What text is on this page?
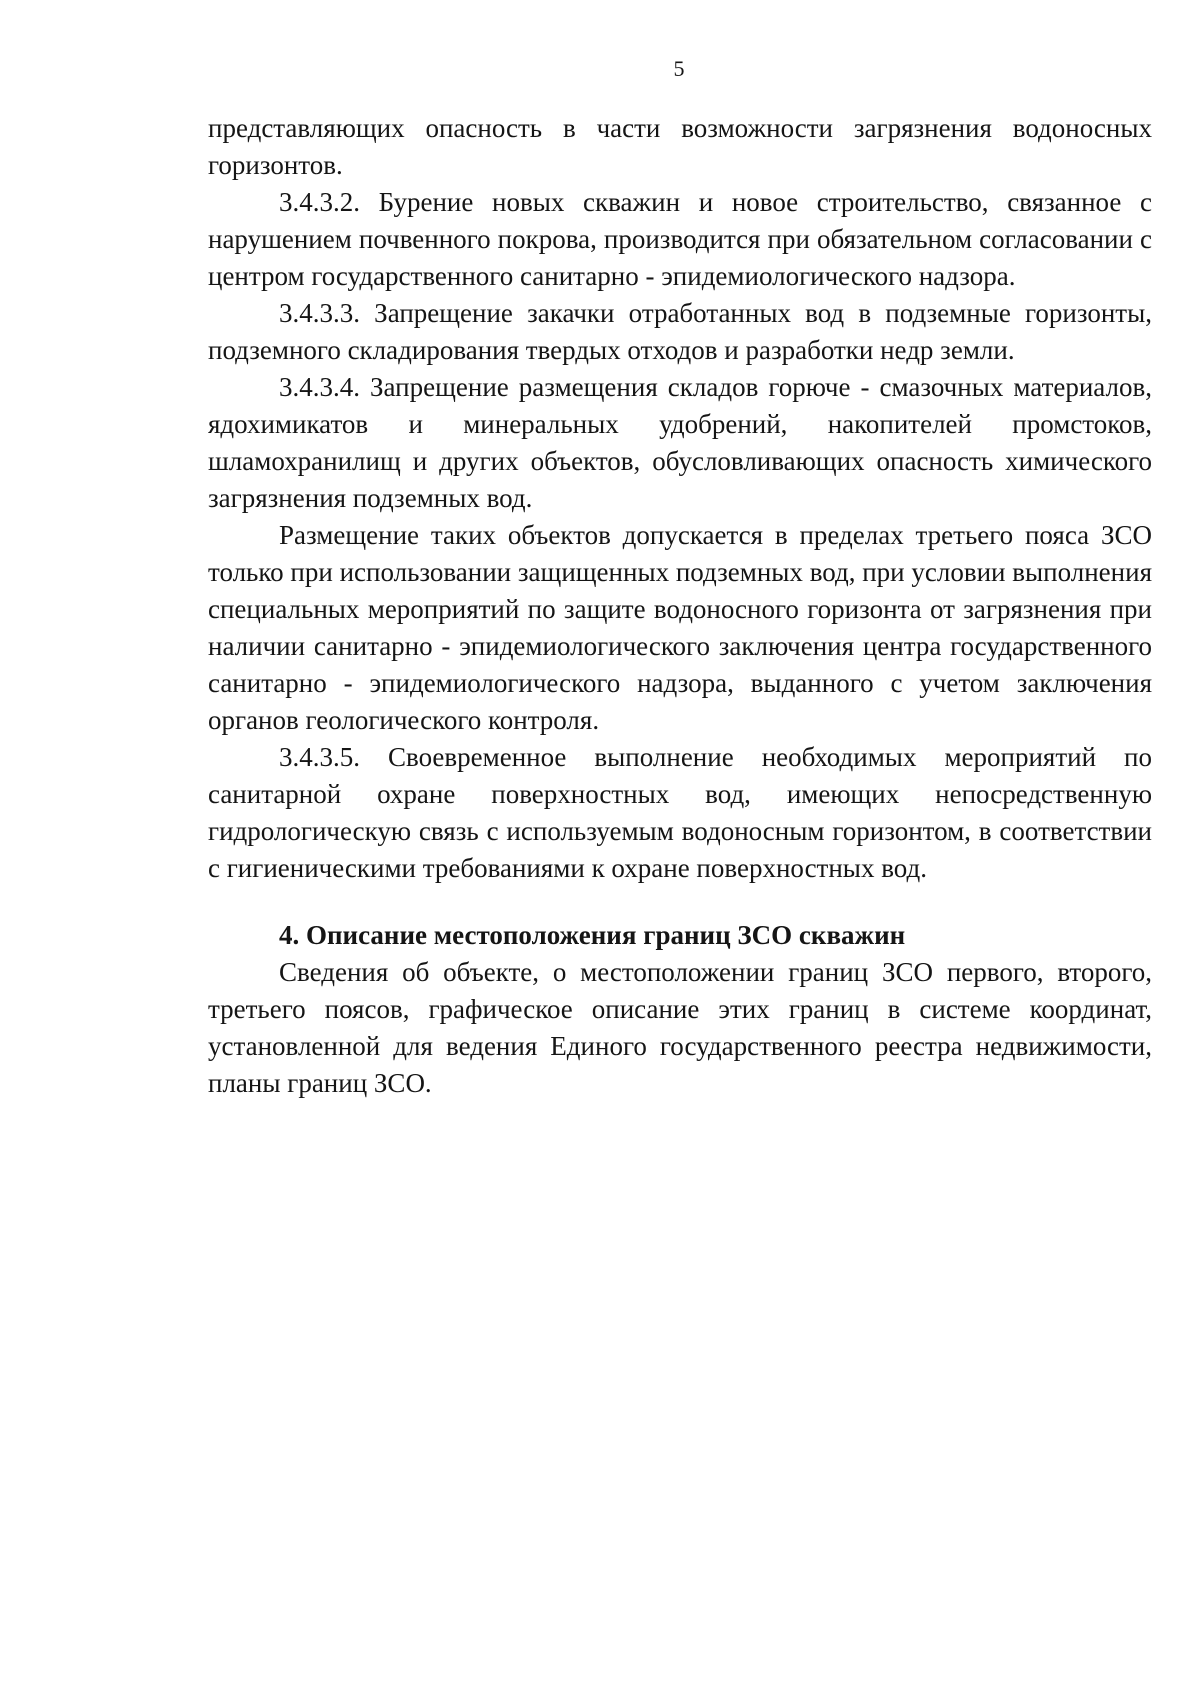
5

представляющих опасность в части возможности загрязнения водоносных горизонтов.

3.4.3.2. Бурение новых скважин и новое строительство, связанное с нарушением почвенного покрова, производится при обязательном согласовании с центром государственного санитарно - эпидемиологического надзора.

3.4.3.3. Запрещение закачки отработанных вод в подземные горизонты, подземного складирования твердых отходов и разработки недр земли.

3.4.3.4. Запрещение размещения складов горюче - смазочных материалов, ядохимикатов и минеральных удобрений, накопителей промстоков, шламохранилищ и других объектов, обусловливающих опасность химического загрязнения подземных вод.

Размещение таких объектов допускается в пределах третьего пояса ЗСО только при использовании защищенных подземных вод, при условии выполнения специальных мероприятий по защите водоносного горизонта от загрязнения при наличии санитарно - эпидемиологического заключения центра государственного санитарно - эпидемиологического надзора, выданного с учетом заключения органов геологического контроля.

3.4.3.5. Своевременное выполнение необходимых мероприятий по санитарной охране поверхностных вод, имеющих непосредственную гидрологическую связь с используемым водоносным горизонтом, в соответствии с гигиеническими требованиями к охране поверхностных вод.

4. Описание местоположения границ ЗСО скважин

Сведения об объекте, о местоположении границ ЗСО первого, второго, третьего поясов, графическое описание этих границ в системе координат, установленной для ведения Единого государственного реестра недвижимости, планы границ ЗСО.
